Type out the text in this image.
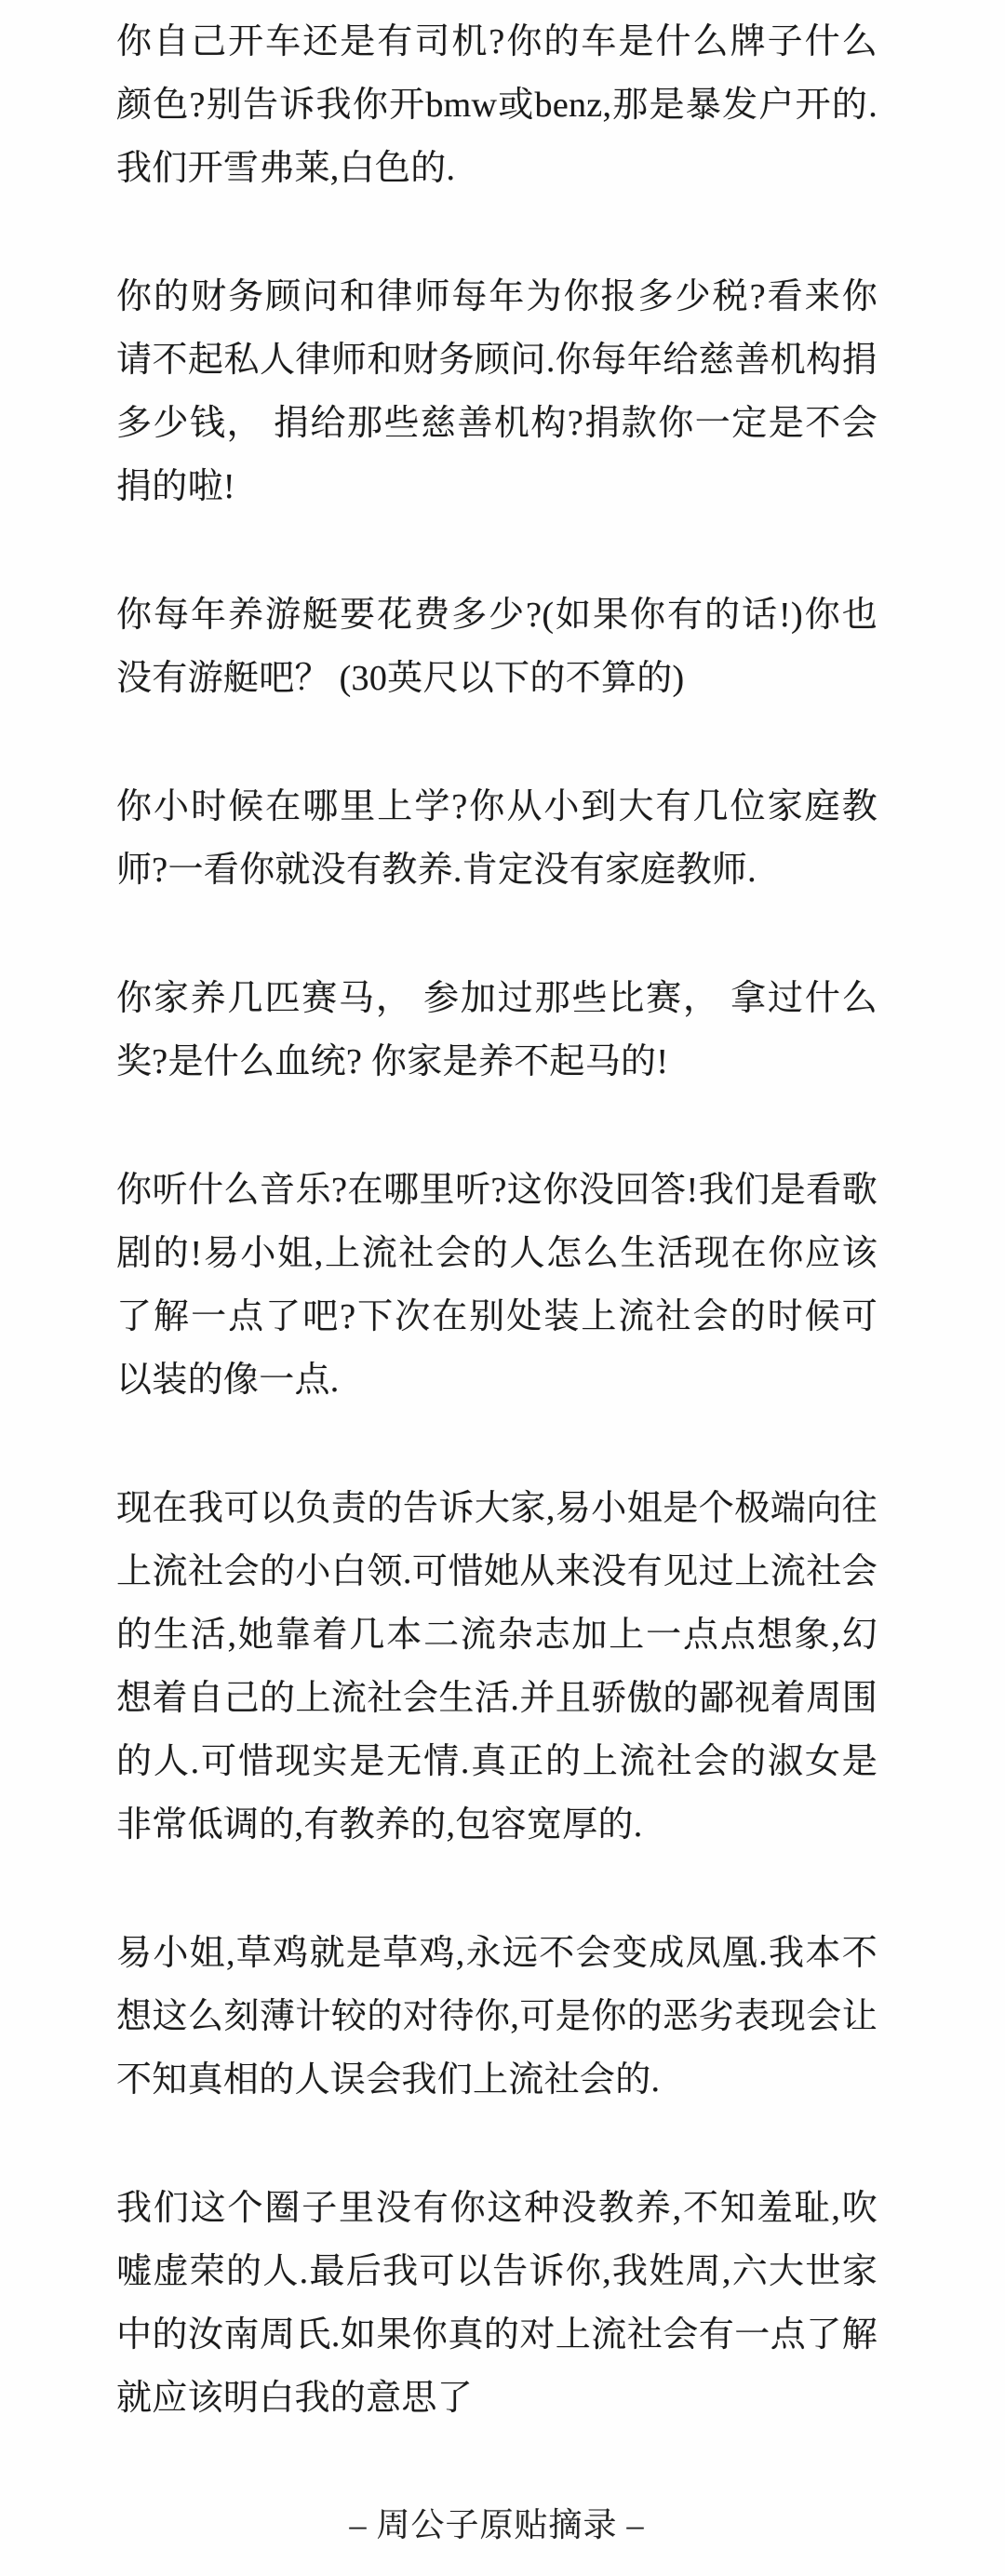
你自己开车还是有司机?你的车是什么牌子什么颜色?别告诉我你开bmw或benz,那是暴发户开的.我们开雪弗莱,白色的.

你的财务顾问和律师每年为你报多少税?看来你请不起私人律师和财务顾问.你每年给慈善机构捐多少钱， 捐给那些慈善机构?捐款你一定是不会捐的啦!

你每年养游艇要花费多少?(如果你有的话!)你也没有游艇吧？ (30英尺以下的不算的)

你小时候在哪里上学?你从小到大有几位家庭教师?一看你就没有教养.肯定没有家庭教师.

你家养几匹赛马， 参加过那些比赛， 拿过什么奖?是什么血统? 你家是养不起马的!

你听什么音乐?在哪里听?这你没回答!我们是看歌剧的!易小姐,上流社会的人怎么生活现在你应该了解一点了吧?下次在别处装上流社会的时候可以装的像一点.

现在我可以负责的告诉大家,易小姐是个极端向往上流社会的小白领.可惜她从来没有见过上流社会的生活,她靠着几本二流杂志加上一点点想象,幻想着自己的上流社会生活.并且骄傲的鄙视着周围的人.可惜现实是无情.真正的上流社会的淑女是非常低调的,有教养的,包容宽厚的.

易小姐,草鸡就是草鸡,永远不会变成凤凰.我本不想这么刻薄计较的对待你,可是你的恶劣表现会让不知真相的人误会我们上流社会的.

我们这个圈子里没有你这种没教养,不知羞耻,吹嘘虚荣的人.最后我可以告诉你,我姓周,六大世家中的汝南周氏.如果你真的对上流社会有一点了解就应该明白我的意思了

– 周公子原贴摘录 –
